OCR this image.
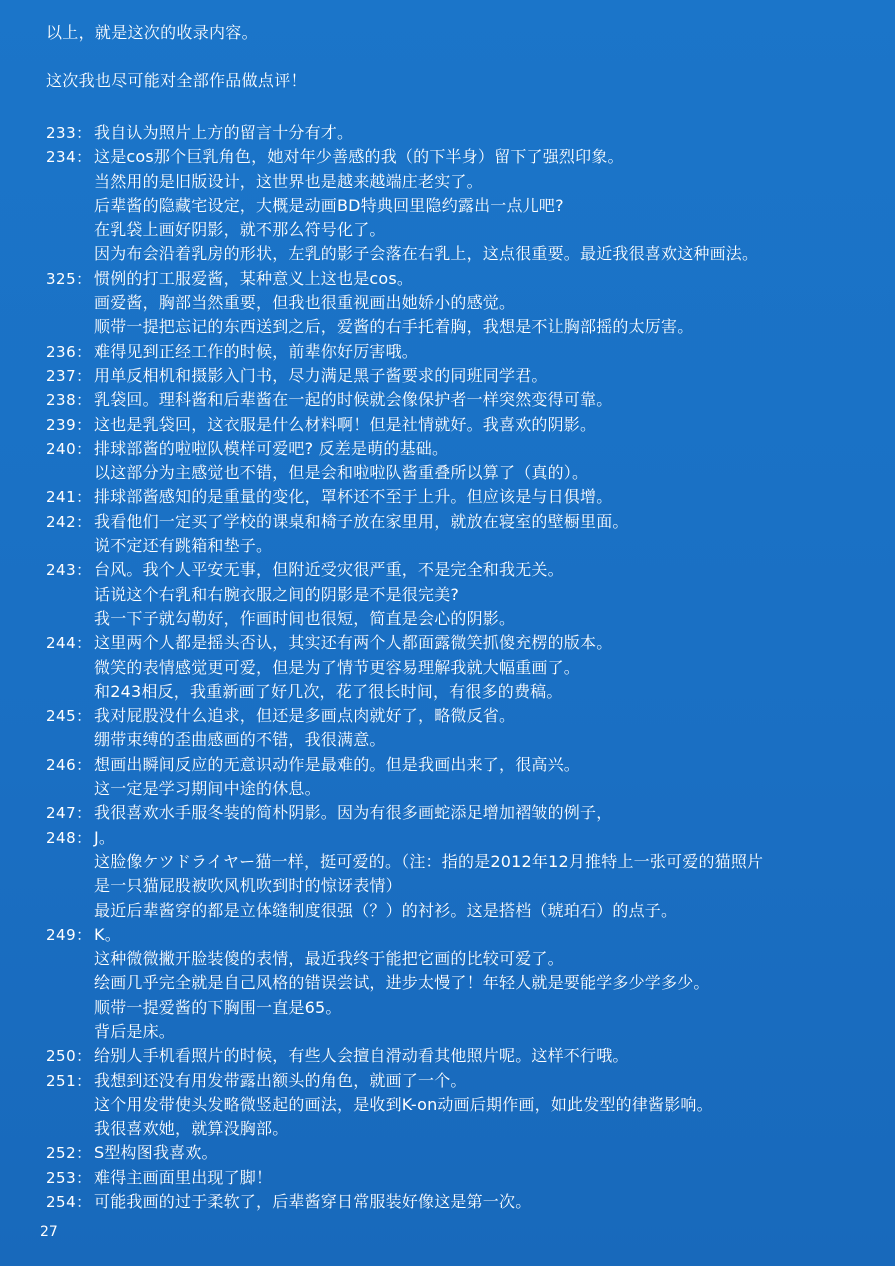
以上，就是这次的收录内容。
这次我也尽可能对全部作品做点评！
233： 我自认为照片上方的留言十分有才。
234： 这是cos那个巨乳角色，她对年少善感的我（的下半身）留下了强烈印象。
当然用的是旧版设计，这世界也是越来越端庄老实了。
后辈酱的隐藏宅设定，大概是动画BD特典回里隐约露出一点儿吧?
在乳袋上画好阴影，就不那么符号化了。
因为布会沿着乳房的形状，左乳的影子会落在右乳上，这点很重要。最近我很喜欢这种画法。
325： 惯例的打工服爱酱，某种意义上这也是cos。
画爱酱，胸部当然重要，但我也很重视画出她娇小的感觉。
顺带一提把忘记的东西送到之后，爱酱的右手托着胸，我想是不让胸部摇的太厉害。
236： 难得见到正经工作的时候，前辈你好厉害哦。
237： 用单反相机和摄影入门书，尽力满足黑子酱要求的同班同学君。
238： 乳袋回。理科酱和后辈酱在一起的时候就会像保护者一样突然变得可靠。
239： 这也是乳袋回，这衣服是什么材料啊！但是社情就好。我喜欢的阴影。
240： 排球部酱的啦啦队模样可爱吧? 反差是萌的基础。
以这部分为主感觉也不错，但是会和啦啦队酱重叠所以算了（真的）。
241： 排球部酱感知的是重量的变化，罩杯还不至于上升。但应该是与日俱增。
242： 我看他们一定买了学校的课桌和椅子放在家里用，就放在寝室的壁橱里面。
说不定还有跳箱和垫子。
243： 台风。我个人平安无事，但附近受灾很严重，不是完全和我无关。
话说这个右乳和右腕衣服之间的阴影是不是很完美?
我一下子就勾勒好，作画时间也很短，简直是会心的阴影。
244： 这里两个人都是摇头否认，其实还有两个人都面露微笑抓傻充楞的版本。
微笑的表情感觉更可爱，但是为了情节更容易理解我就大幅重画了。
和243相反，我重新画了好几次，花了很长时间，有很多的费稿。
245： 我对屁股没什么追求，但还是多画点肉就好了，略微反省。
绷带束缚的歪曲感画的不错，我很满意。
246： 想画出瞬间反应的无意识动作是最难的。但是我画出来了，很高兴。
这一定是学习期间中途的休息。
247： 我很喜欢水手服冬装的简朴阴影。因为有很多画蛇添足增加褶皱的例子，
248： J。
这脸像ケツドライヤー猫一样，挺可爱的。（注：指的是2012年12月推特上一张可爱的猫照片
是一只猫屁股被吹风机吹到时的惊讶表情）
最近后辈酱穿的都是立体缝制度很强（？）的衬衫。这是搭档（琥珀石）的点子。
249： K。
这种微微撇开脸装傻的表情，最近我终于能把它画的比较可爱了。
绘画几乎完全就是自己风格的错误尝试，进步太慢了！年轻人就是要能学多少学多少。
顺带一提爱酱的下胸围一直是65。
背后是床。
250： 给别人手机看照片的时候，有些人会擅自滑动看其他照片呢。这样不行哦。
251： 我想到还没有用发带露出额头的角色，就画了一个。
这个用发带使头发略微竖起的画法，是收到K-on动画后期作画，如此发型的律酱影响。
我很喜欢她，就算没胸部。
252： S型构图我喜欢。
253： 难得主画面里出现了脚！
254： 可能我画的过于柔软了，后辈酱穿日常服装好像这是第一次。
27
